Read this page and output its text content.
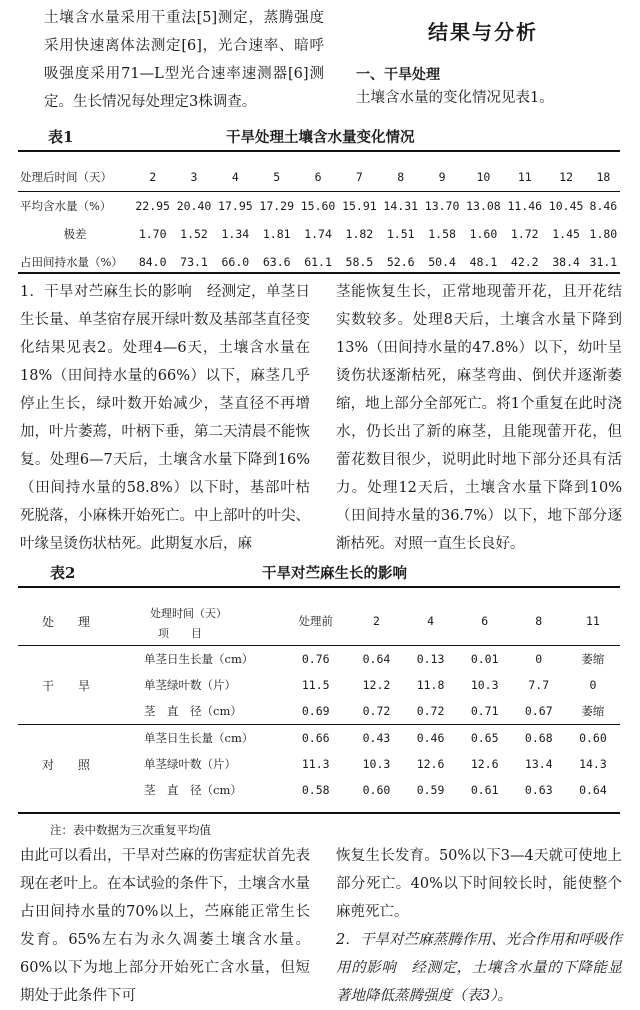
土壤含水量采用干重法[5]测定，蒸腾强度采用快速离体法测定[6]，光合速率、暗呼吸强度采用71—L型光合速率速测器[6]测定。生长情况每处理定3株调查。

结果与分析
一、干旱处理

土壤含水量的变化情况见表1。

表1	干旱处理土壤含水量变化情况
处理后时间（天）	2	3	4	5	6	7	8	9	10	11	12	18
平均含水量（%）	22.95	20.40	17.95	17.29	15.60	15.91	14.31	13.70	13.08	11.46	10.45	8.46
极差	1.70	1.52	1.34	1.81	1.74	1.82	1.51	1.58	1.60	1.72	1.45	1.80
占田间持水量（%）	84.0	73.1	66.0	63.6	61.1	58.5	52.6	50.4	48.1	42.2	38.4	31.1

1．干旱对苎麻生长的影响　经测定，单茎日生长量、单茎宿存展开绿叶数及基部茎直径变化结果见表2。处理4—6天，土壤含水量在18%（田间持水量的66%）以下，麻茎几乎停止生长，绿叶数开始减少，茎直径不再增加，叶片萎蔫，叶柄下垂，第二天清晨不能恢复。处理6—7天后，土壤含水量下降到16%（田间持水量的58.8%）以下时，基部叶枯死脱落，小麻株开始死亡。中上部叶的叶尖、叶缘呈烫伤状枯死。此期复水后，麻

茎能恢复生长，正常地现蕾开花，且开花结实数较多。处理8天后，土壤含水量下降到13%（田间持水量的47.8%）以下，幼叶呈烫伤状逐渐枯死，麻茎弯曲、倒伏并逐渐萎缩，地上部分全部死亡。将1个重复在此时浇水，仍长出了新的麻茎，且能现蕾开花，但蕾花数目很少，说明此时地下部分还具有活力。处理12天后，土壤含水量下降到10%（田间持水量的36.7%）以下，地下部分逐渐枯死。对照一直生长良好。

表2	干旱对苎麻生长的影响
处　　理	处理时间（天）
项　　目	处理前	2	4	6	8	11
干　　旱	单茎日生长量（cm）	0.76	0.64	0.13	0.01	0	萎缩
	单茎绿叶数（片）	11.5	12.2	11.8	10.3	7.7	0
	茎　直　径（cm）	0.69	0.72	0.72	0.71	0.67	萎缩
对　　照	单茎日生长量（cm）	0.66	0.43	0.46	0.65	0.68	0.60
	单茎绿叶数（片）	11.3	10.3	12.6	12.6	13.4	14.3
	茎　直　径（cm）	0.58	0.60	0.59	0.61	0.63	0.64
注：表中数据为三次重复平均值

由此可以看出，干旱对苎麻的伤害症状首先表现在老叶上。在本试验的条件下，土壤含水量占田间持水量的70%以上，苎麻能正常生长发育。65%左右为永久凋萎土壤含水量。60%以下为地上部分开始死亡含水量，但短期处于此条件下可

恢复生长发育。50%以下3—4天就可使地上部分死亡。40%以下时间较长时，能使整个麻蔸死亡。

2．干旱对苎麻蒸腾作用、光合作用和呼吸作用的影响　经测定，土壤含水量的下降能显著地降低蒸腾强度（表3）。
